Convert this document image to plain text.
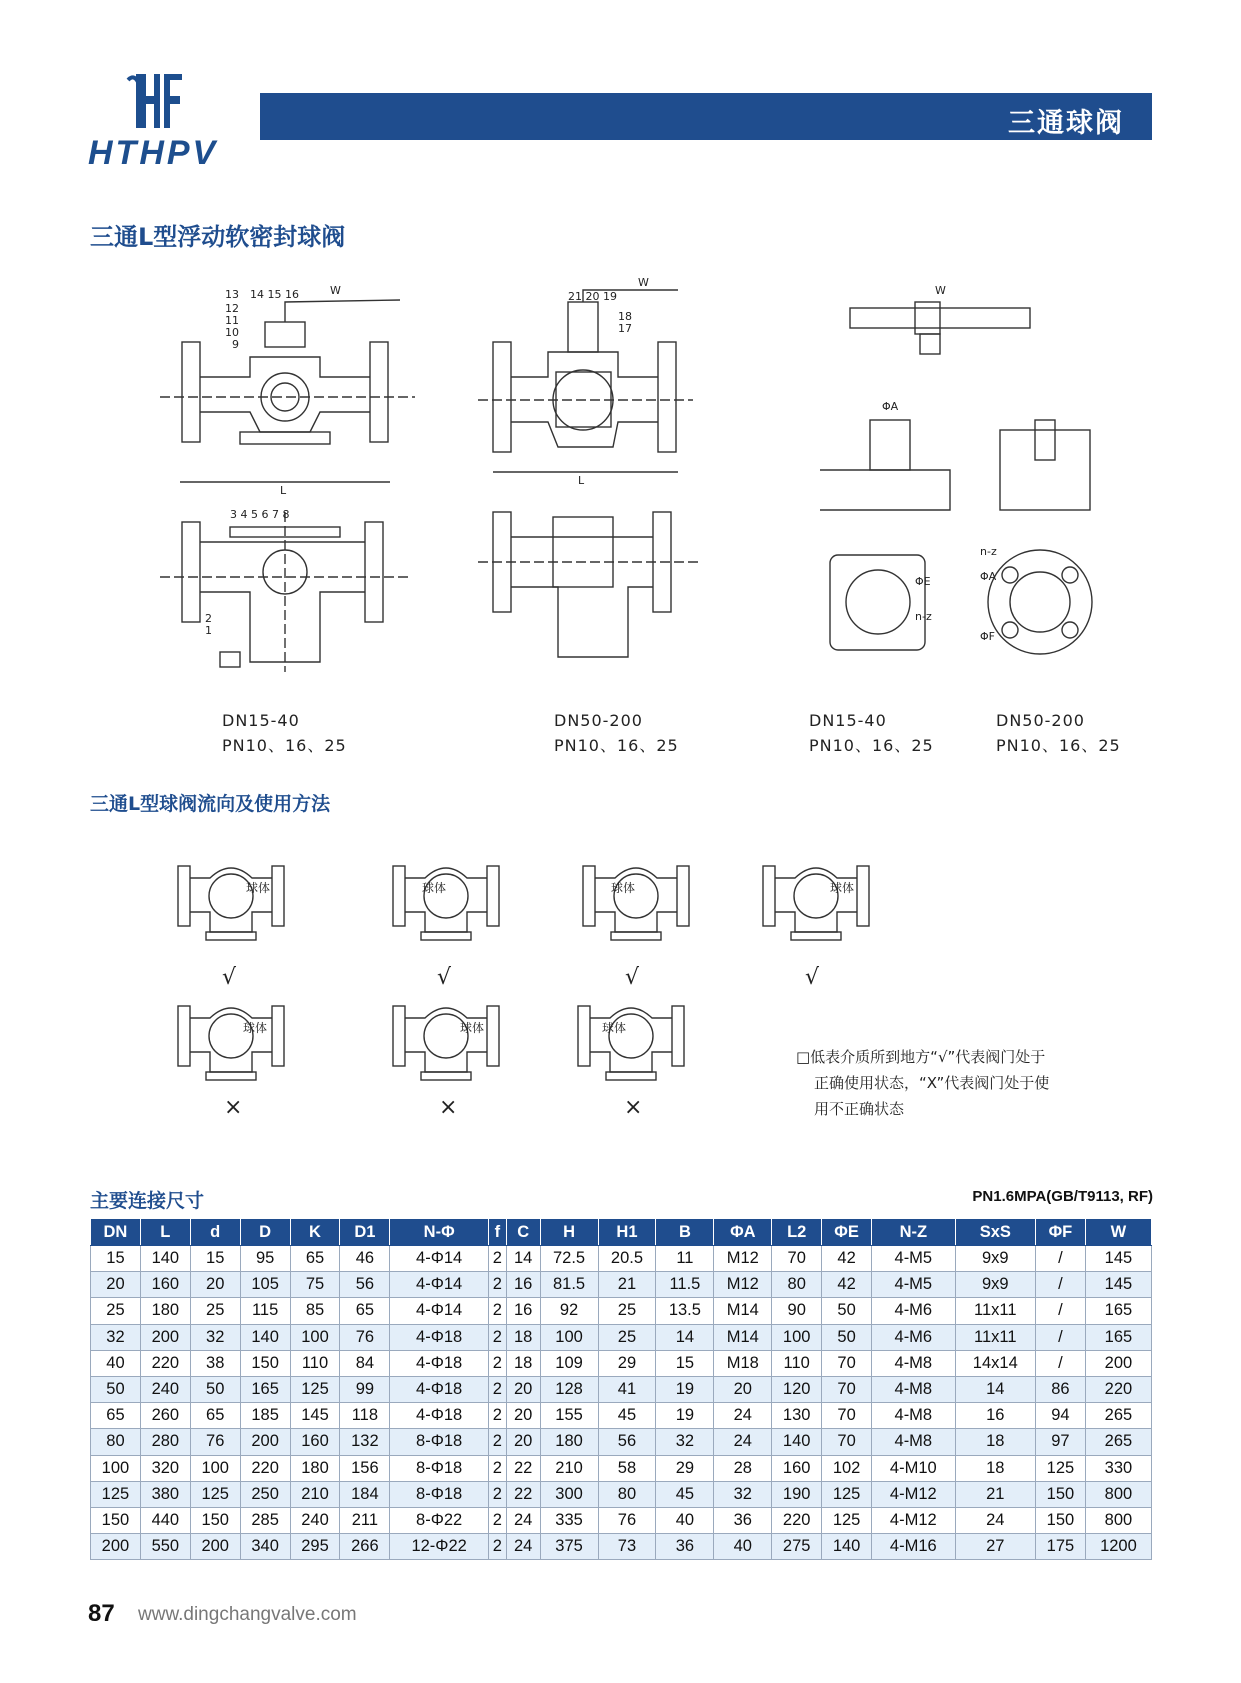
HTHPV
三通球阀
三通L型浮动软密封球阀
W
13 14 15 16
12
11
10
9
L
3 4 5 6 7 8
2
1
W
L
21 20 19
18
17
W
ΦA
ΦE
n-z
n-z
ΦA
ΦF
DN15-40
PN10、16、25
DN50-200
PN10、16、25
DN15-40
PN10、16、25
DN50-200
PN10、16、25
三通L型球阀流向及使用方法
球体	球体	球体	球体
球体	球体	球体
√	√	√	√
×	×	×
□低表介质所到地方“√”代表阀门处于
正确使用状态，“X”代表阀门处于使
用不正确状态
主要连接尺寸	PN1.6MPA(GB/T9113, RF)
DN	L	d	D	K	D1	N-Φ	f	C	H	H1	B	ΦA	L2	ΦE	N-Z	SxS	ΦF	W
15	140	15	95	65	46	4-Φ14	2	14	72.5	20.5	11	M12	70	42	4-M5	9x9	/	145
20	160	20	105	75	56	4-Φ14	2	16	81.5	21	11.5	M12	80	42	4-M5	9x9	/	145
25	180	25	115	85	65	4-Φ14	2	16	92	25	13.5	M14	90	50	4-M6	11x11	/	165
32	200	32	140	100	76	4-Φ18	2	18	100	25	14	M14	100	50	4-M6	11x11	/	165
40	220	38	150	110	84	4-Φ18	2	18	109	29	15	M18	110	70	4-M8	14x14	/	200
50	240	50	165	125	99	4-Φ18	2	20	128	41	19	20	120	70	4-M8	14	86	220
65	260	65	185	145	118	4-Φ18	2	20	155	45	19	24	130	70	4-M8	16	94	265
80	280	76	200	160	132	8-Φ18	2	20	180	56	32	24	140	70	4-M8	18	97	265
100	320	100	220	180	156	8-Φ18	2	22	210	58	29	28	160	102	4-M10	18	125	330
125	380	125	250	210	184	8-Φ18	2	22	300	80	45	32	190	125	4-M12	21	150	800
150	440	150	285	240	211	8-Φ22	2	24	335	76	40	36	220	125	4-M12	24	150	800
200	550	200	340	295	266	12-Φ22	2	24	375	73	36	40	275	140	4-M16	27	175	1200
87 www.dingchangvalve.com
